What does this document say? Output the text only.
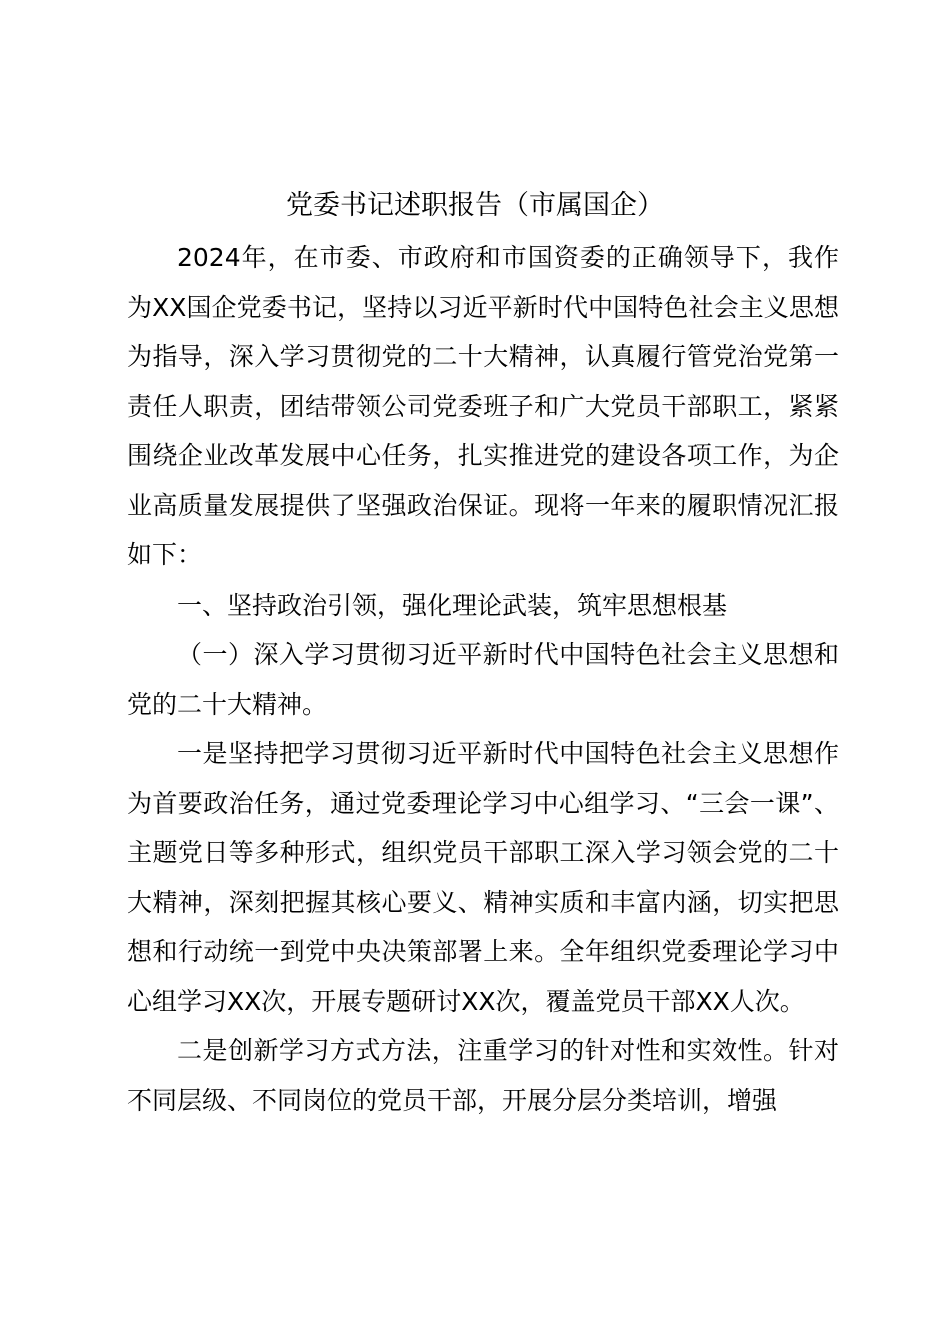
党委书记述职报告（市属国企）

2024年，在市委、市政府和市国资委的正确领导下，我作为XX国企党委书记，坚持以习近平新时代中国特色社会主义思想为指导，深入学习贯彻党的二十大精神，认真履行管党治党第一责任人职责，团结带领公司党委班子和广大党员干部职工，紧紧围绕企业改革发展中心任务，扎实推进党的建设各项工作，为企业高质量发展提供了坚强政治保证。现将一年来的履职情况汇报如下：

一、坚持政治引领，强化理论武装，筑牢思想根基

（一）深入学习贯彻习近平新时代中国特色社会主义思想和党的二十大精神。

一是坚持把学习贯彻习近平新时代中国特色社会主义思想作为首要政治任务，通过党委理论学习中心组学习、“三会一课”、主题党日等多种形式，组织党员干部职工深入学习领会党的二十大精神，深刻把握其核心要义、精神实质和丰富内涵，切实把思想和行动统一到党中央决策部署上来。全年组织党委理论学习中心组学习XX次，开展专题研讨XX次，覆盖党员干部XX人次。

二是创新学习方式方法，注重学习的针对性和实效性。针对不同层级、不同岗位的党员干部，开展分层分类培训，增强
